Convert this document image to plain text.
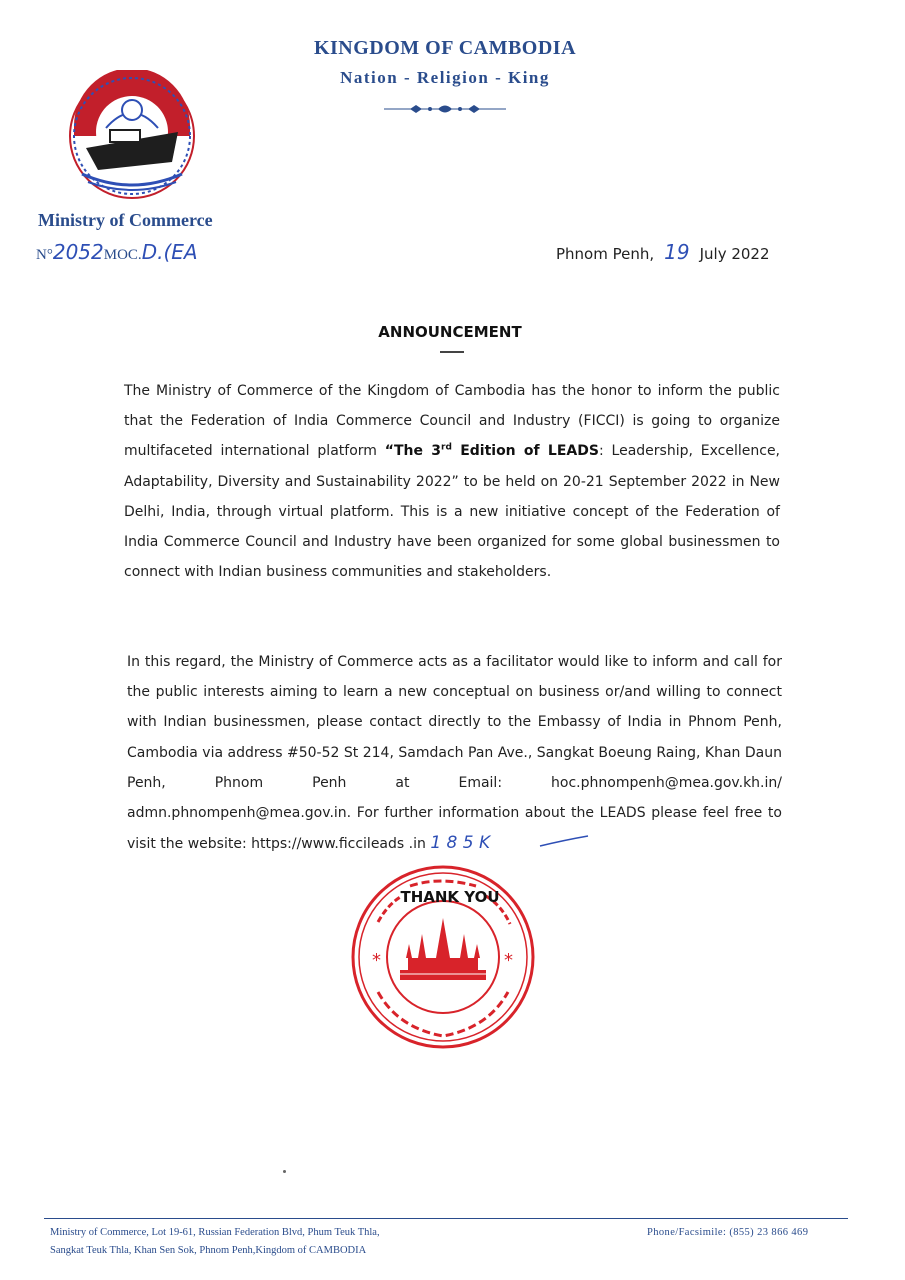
KINGDOM OF CAMBODIA
Nation - Religion - King
Ministry of Commerce
N°2052MOC.D.(EA	Phnom Penh, 19 July 2022
ANNOUNCEMENT
The Ministry of Commerce of the Kingdom of Cambodia has the honor to inform the public that the Federation of India Commerce Council and Industry (FICCI) is going to organize multifaceted international platform “The 3rd Edition of LEADS: Leadership, Excellence, Adaptability, Diversity and Sustainability 2022” to be held on 20-21 September 2022 in New Delhi, India, through virtual platform. This is a new initiative concept of the Federation of India Commerce Council and Industry have been organized for some global businessmen to connect with Indian business communities and stakeholders.
In this regard, the Ministry of Commerce acts as a facilitator would like to inform and call for the public interests aiming to learn a new conceptual on business or/and willing to connect with Indian businessmen, please contact directly to the Embassy of India in Phnom Penh, Cambodia via address #50-52 St 214, Samdach Pan Ave., Sangkat Boeung Raing, Khan Daun Penh, Phnom Penh at Email: hoc.phnompenh@mea.gov.kh.in/ admn.phnompenh@mea.gov.in. For further information about the LEADS please feel free to visit the website: https://www.ficcileads .in 1 8 5 K
*	*
THANK YOU
Ministry of Commerce, Lot 19-61, Russian Federation Blvd, Phum Teuk Thla,
Sangkat Teuk Thla, Khan Sen Sok, Phnom Penh,Kingdom of CAMBODIA
Phone/Facsimile: (855) 23 866 469
